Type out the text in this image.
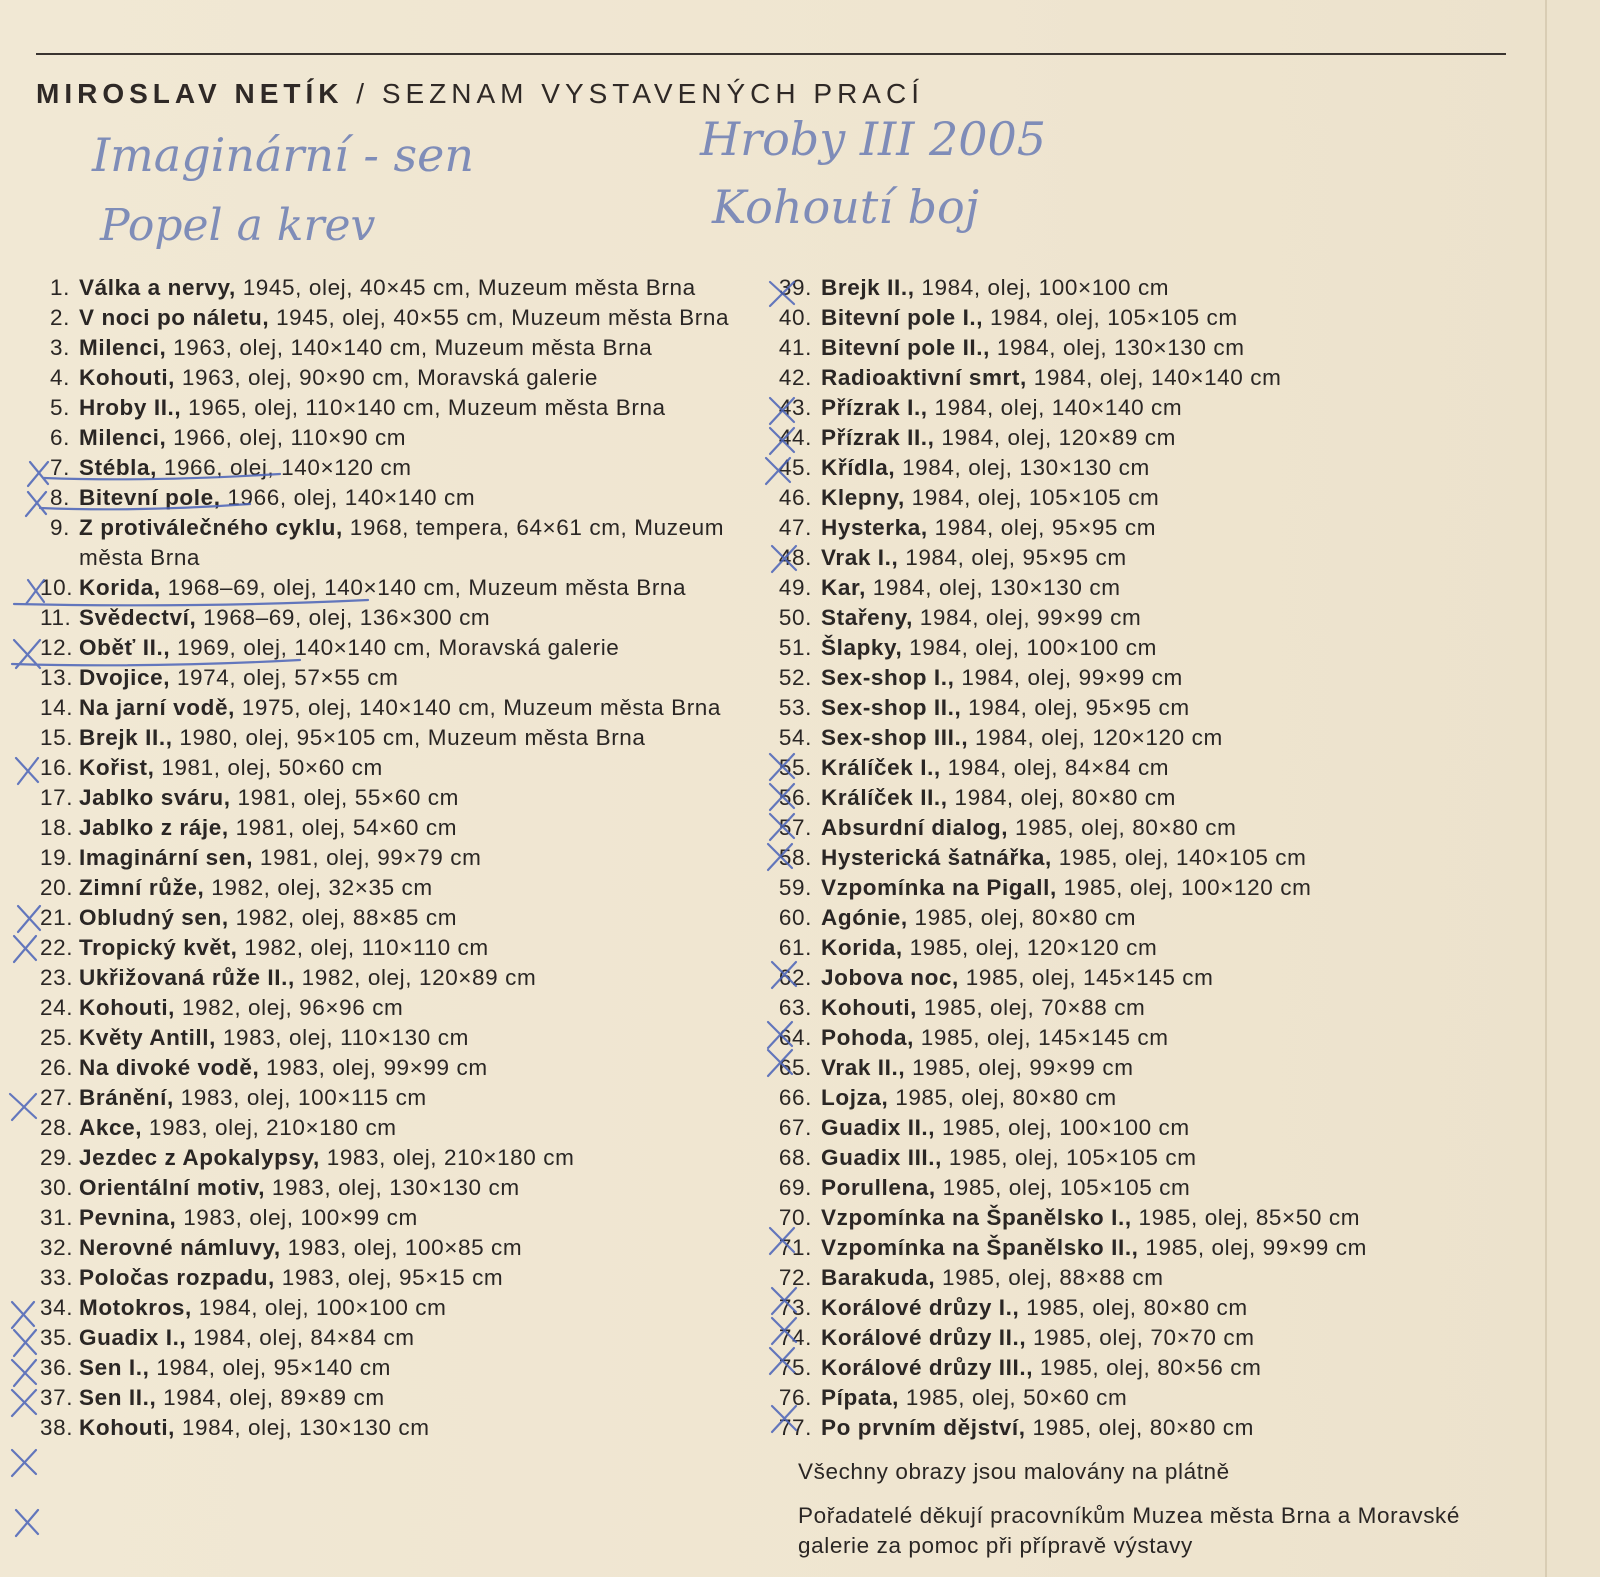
MIROSLAV NETÍK / SEZNAM VYSTAVENÝCH PRACÍ
Imaginární - sen	Hroby III 2005
Popel a krev	Kohoutí boj
1. Válka a nervy, 1945, olej, 40×45 cm, Muzeum města Brna
2. V noci po náletu, 1945, olej, 40×55 cm, Muzeum města Brna
3. Milenci, 1963, olej, 140×140 cm, Muzeum města Brna
4. Kohouti, 1963, olej, 90×90 cm, Moravská galerie
5. Hroby II., 1965, olej, 110×140 cm, Muzeum města Brna
6. Milenci, 1966, olej, 110×90 cm
7. Stébla, 1966, olej, 140×120 cm
8. Bitevní pole, 1966, olej, 140×140 cm
9. Z protiválečného cyklu, 1968, tempera, 64×61 cm, Muzeum města Brna
10. Korida, 1968–69, olej, 140×140 cm, Muzeum města Brna
11. Svědectví, 1968–69, olej, 136×300 cm
12. Oběť II., 1969, olej, 140×140 cm, Moravská galerie
13. Dvojice, 1974, olej, 57×55 cm
14. Na jarní vodě, 1975, olej, 140×140 cm, Muzeum města Brna
15. Brejk II., 1980, olej, 95×105 cm, Muzeum města Brna
16. Kořist, 1981, olej, 50×60 cm
17. Jablko sváru, 1981, olej, 55×60 cm
18. Jablko z ráje, 1981, olej, 54×60 cm
19. Imaginární sen, 1981, olej, 99×79 cm
20. Zimní růže, 1982, olej, 32×35 cm
21. Obludný sen, 1982, olej, 88×85 cm
22. Tropický květ, 1982, olej, 110×110 cm
23. Ukřižovaná růže II., 1982, olej, 120×89 cm
24. Kohouti, 1982, olej, 96×96 cm
25. Květy Antill, 1983, olej, 110×130 cm
26. Na divoké vodě, 1983, olej, 99×99 cm
27. Bránění, 1983, olej, 100×115 cm
28. Akce, 1983, olej, 210×180 cm
29. Jezdec z Apokalypsy, 1983, olej, 210×180 cm
30. Orientální motiv, 1983, olej, 130×130 cm
31. Pevnina, 1983, olej, 100×99 cm
32. Nerovné námluvy, 1983, olej, 100×85 cm
33. Poločas rozpadu, 1983, olej, 95×15 cm
34. Motokros, 1984, olej, 100×100 cm
35. Guadix I., 1984, olej, 84×84 cm
36. Sen I., 1984, olej, 95×140 cm
37. Sen II., 1984, olej, 89×89 cm
38. Kohouti, 1984, olej, 130×130 cm
39. Brejk II., 1984, olej, 100×100 cm
40. Bitevní pole I., 1984, olej, 105×105 cm
41. Bitevní pole II., 1984, olej, 130×130 cm
42. Radioaktivní smrt, 1984, olej, 140×140 cm
43. Přízrak I., 1984, olej, 140×140 cm
44. Přízrak II., 1984, olej, 120×89 cm
45. Křídla, 1984, olej, 130×130 cm
46. Klepny, 1984, olej, 105×105 cm
47. Hysterka, 1984, olej, 95×95 cm
48. Vrak I., 1984, olej, 95×95 cm
49. Kar, 1984, olej, 130×130 cm
50. Stařeny, 1984, olej, 99×99 cm
51. Šlapky, 1984, olej, 100×100 cm
52. Sex-shop I., 1984, olej, 99×99 cm
53. Sex-shop II., 1984, olej, 95×95 cm
54. Sex-shop III., 1984, olej, 120×120 cm
55. Králíček I., 1984, olej, 84×84 cm
56. Králíček II., 1984, olej, 80×80 cm
57. Absurdní dialog, 1985, olej, 80×80 cm
58. Hysterická šatnářka, 1985, olej, 140×105 cm
59. Vzpomínka na Pigall, 1985, olej, 100×120 cm
60. Agónie, 1985, olej, 80×80 cm
61. Korida, 1985, olej, 120×120 cm
62. Jobova noc, 1985, olej, 145×145 cm
63. Kohouti, 1985, olej, 70×88 cm
64. Pohoda, 1985, olej, 145×145 cm
65. Vrak II., 1985, olej, 99×99 cm
66. Lojza, 1985, olej, 80×80 cm
67. Guadix II., 1985, olej, 100×100 cm
68. Guadix III., 1985, olej, 105×105 cm
69. Porullena, 1985, olej, 105×105 cm
70. Vzpomínka na Španělsko I., 1985, olej, 85×50 cm
71. Vzpomínka na Španělsko II., 1985, olej, 99×99 cm
72. Barakuda, 1985, olej, 88×88 cm
73. Korálové drůzy I., 1985, olej, 80×80 cm
74. Korálové drůzy II., 1985, olej, 70×70 cm
75. Korálové drůzy III., 1985, olej, 80×56 cm
76. Pípata, 1985, olej, 50×60 cm
77. Po prvním dějství, 1985, olej, 80×80 cm
Všechny obrazy jsou malovány na plátně
Pořadatelé děkují pracovníkům Muzea města Brna a Moravské galerie za pomoc při přípravě výstavy
